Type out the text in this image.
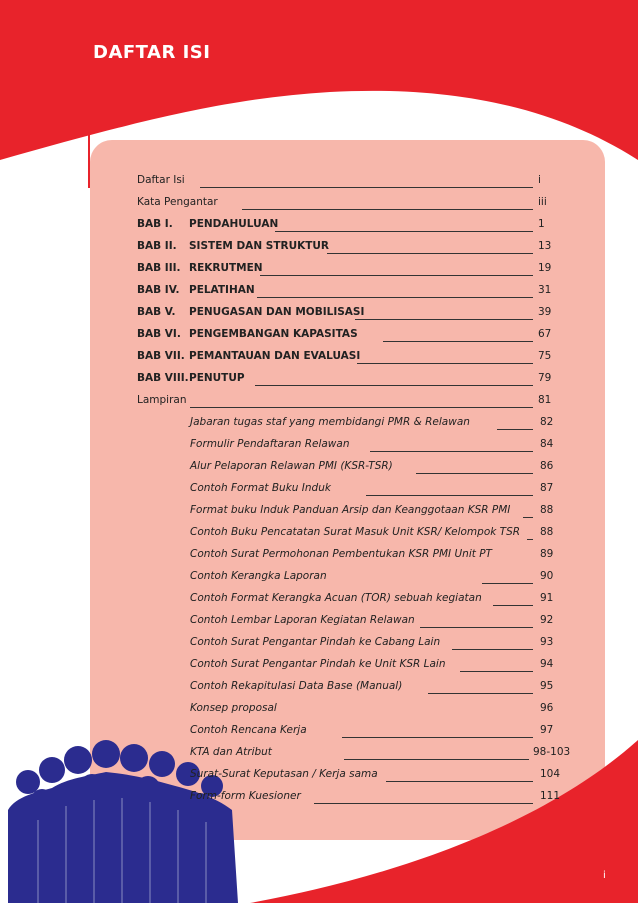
DAFTAR ISI
Daftar Isi	i
Kata Pengantar	iii
BAB I. PENDAHULUAN	1
BAB II. SISTEM DAN STRUKTUR	13
BAB III. REKRUTMEN	19
BAB IV. PELATIHAN	31
BAB V. PENUGASAN DAN MOBILISASI	39
BAB VI. PENGEMBANGAN KAPASITAS	67
BAB VII. PEMANTAUAN DAN EVALUASI	75
BAB VIII. PENUTUP	79
Lampiran	81
Jabaran tugas staf yang membidangi PMR & Relawan	82
Formulir Pendaftaran Relawan	84
Alur Pelaporan Relawan PMI (KSR-TSR)	86
Contoh Format Buku Induk	87
Format buku Induk Panduan Arsip dan Keanggotaan KSR PMI	88
Contoh Buku Pencatatan Surat Masuk Unit KSR/ Kelompok TSR 88
Contoh Surat Permohonan Pembentukan KSR PMI Unit PT	89
Contoh Kerangka Laporan	90
Contoh Format Kerangka Acuan (TOR) sebuah kegiatan	91
Contoh Lembar Laporan Kegiatan Relawan	92
Contoh Surat Pengantar Pindah ke Cabang Lain	93
Contoh Surat Pengantar Pindah ke Unit KSR Lain	94
Contoh Rekapitulasi Data Base (Manual)	95
Konsep proposal	96
Contoh Rencana Kerja	97
KTA dan Atribut	98-103
Surat-Surat Keputasan / Kerja sama	104
Form-form Kuesioner	111
i
